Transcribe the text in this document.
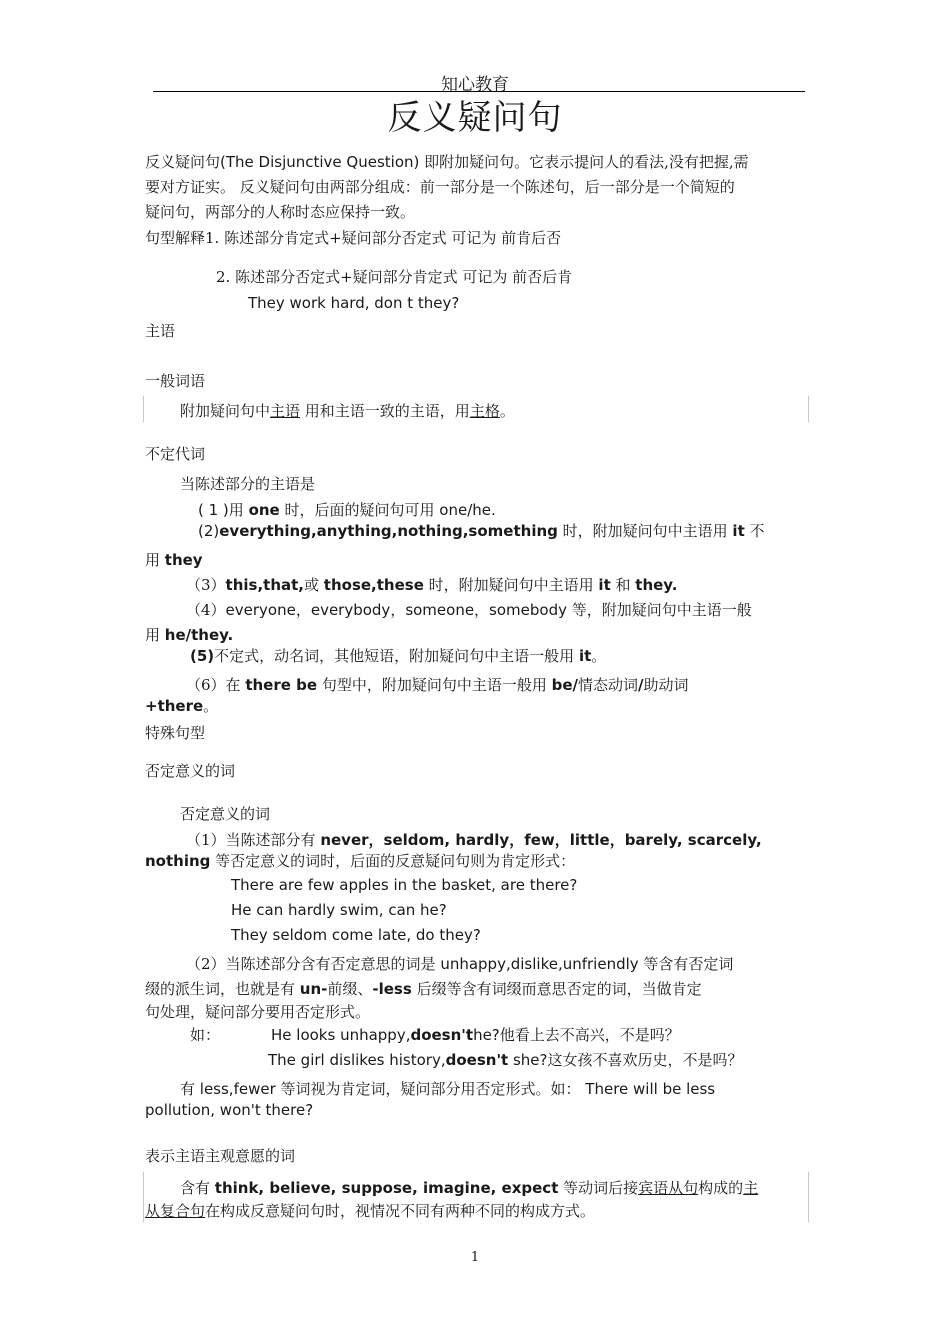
知心教育
反义疑问句
反义疑问句(The Disjunctive Question) 即附加疑问句。它表示提问人的看法,没有把握,需
要对方证实。 反义疑问句由两部分组成：前一部分是一个陈述句，后一部分是一个简短的
疑问句，两部分的人称时态应保持一致。
句型解释1. 陈述部分肯定式+疑问部分否定式 可记为 前肯后否
2. 陈述部分否定式+疑问部分肯定式 可记为 前否后肯
They work hard, don t they?
主语
一般词语
附加疑问句中主语 用和主语一致的主语，用主格。
不定代词
当陈述部分的主语是
( 1 )用 one 时，后面的疑问句可用 one/he.
(2)everything,anything,nothing,something 时，附加疑问句中主语用 it 不
用 they
（3）this,that,或 those,these 时，附加疑问句中主语用 it 和 they.
（4）everyone，everybody，someone，somebody 等，附加疑问句中主语一般
用 he/they.
(5)不定式，动名词，其他短语，附加疑问句中主语一般用 it。
（6）在 there be 句型中，附加疑问句中主语一般用 be/情态动词/助动词
+there。
特殊句型
否定意义的词
否定意义的词
（1）当陈述部分有 never，seldom, hardly，few，little，barely, scarcely,
nothing 等否定意义的词时，后面的反意疑问句则为肯定形式：
There are few apples in the basket, are there?
He can hardly swim, can he?
They seldom come late, do they?
（2）当陈述部分含有否定意思的词是 unhappy,dislike,unfriendly 等含有否定词
缀的派生词，也就是有 un-前缀、-less 后缀等含有词缀而意思否定的词，当做肯定
句处理，疑问部分要用否定形式。
如：	He looks unhappy,doesn'the?他看上去不高兴，不是吗？
The girl dislikes history,doesn't she?这女孩不喜欢历史，不是吗？
有 less,fewer 等词视为肯定词，疑问部分用否定形式。如： There will be less
pollution, won't there?
表示主语主观意愿的词
含有 think, believe, suppose, imagine, expect 等动词后接宾语从句构成的主
从复合句在构成反意疑问句时，视情况不同有两种不同的构成方式。
1
